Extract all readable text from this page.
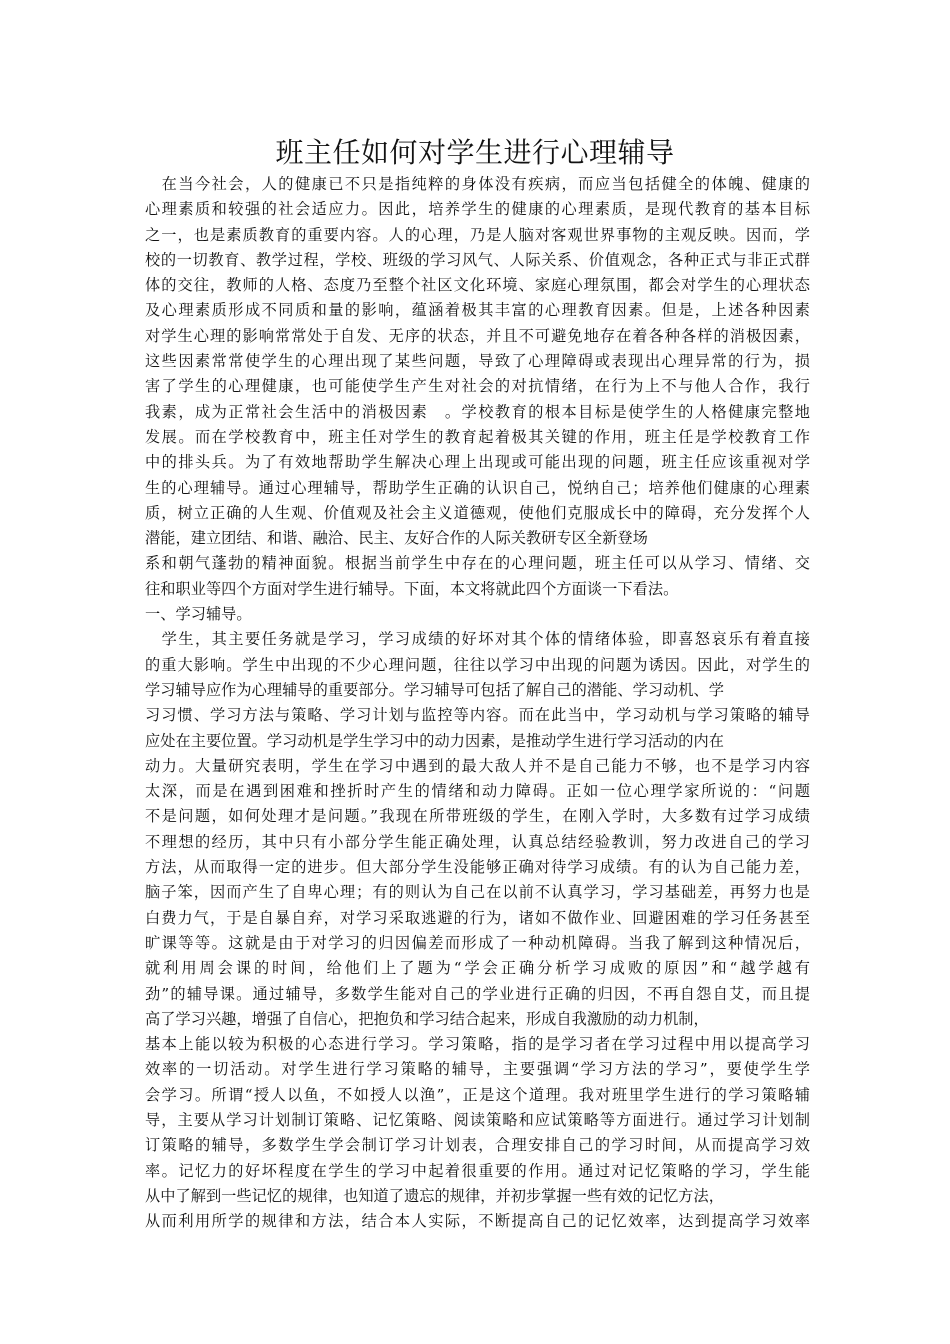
班主任如何对学生进行心理辅导
　在当今社会，人的健康已不只是指纯粹的身体没有疾病，而应当包括健全的体魄、健康的
心理素质和较强的社会适应力。因此，培养学生的健康的心理素质，是现代教育的基本目标
之一，也是素质教育的重要内容。人的心理，乃是人脑对客观世界事物的主观反映。因而，学
校的一切教育、教学过程，学校、班级的学习风气、人际关系、价值观念，各种正式与非正式群
体的交往，教师的人格、态度乃至整个社区文化环境、家庭心理氛围，都会对学生的心理状态
及心理素质形成不同质和量的影响，蕴涵着极其丰富的心理教育因素。但是，上述各种因素
对学生心理的影响常常处于自发、无序的状态，并且不可避免地存在着各种各样的消极因素，
这些因素常常使学生的心理出现了某些问题，导致了心理障碍或表现出心理异常的行为，损
害了学生的心理健康，也可能使学生产生对社会的对抗情绪，在行为上不与他人合作，我行
我素，成为正常社会生活中的消极因素　。学校教育的根本目标是使学生的人格健康完整地
发展。而在学校教育中，班主任对学生的教育起着极其关键的作用，班主任是学校教育工作
中的排头兵。为了有效地帮助学生解决心理上出现或可能出现的问题，班主任应该重视对学
生的心理辅导。通过心理辅导，帮助学生正确的认识自己，悦纳自己；培养他们健康的心理素
质，树立正确的人生观、价值观及社会主义道德观，使他们克服成长中的障碍，充分发挥个人
潜能，建立团结、和谐、融洽、民主、友好合作的人际关教研专区全新登场
系和朝气蓬勃的精神面貌。根据当前学生中存在的心理问题，班主任可以从学习、情绪、交
往和职业等四个方面对学生进行辅导。下面，本文将就此四个方面谈一下看法。
一、学习辅导。
　学生，其主要任务就是学习，学习成绩的好坏对其个体的情绪体验，即喜怒哀乐有着直接
的重大影响。学生中出现的不少心理问题，往往以学习中出现的问题为诱因。因此，对学生的
学习辅导应作为心理辅导的重要部分。学习辅导可包括了解自己的潜能、学习动机、学
习习惯、学习方法与策略、学习计划与监控等内容。而在此当中，学习动机与学习策略的辅导
应处在主要位置。学习动机是学生学习中的动力因素，是推动学生进行学习活动的内在
动力。大量研究表明，学生在学习中遇到的最大敌人并不是自己能力不够，也不是学习内容
太深，而是在遇到困难和挫折时产生的情绪和动力障碍。正如一位心理学家所说的：“问题
不是问题，如何处理才是问题。”我现在所带班级的学生，在刚入学时，大多数有过学习成绩
不理想的经历，其中只有小部分学生能正确处理，认真总结经验教训，努力改进自己的学习
方法，从而取得一定的进步。但大部分学生没能够正确对待学习成绩。有的认为自己能力差，
脑子笨，因而产生了自卑心理；有的则认为自己在以前不认真学习，学习基础差，再努力也是
白费力气，于是自暴自弃，对学习采取逃避的行为，诸如不做作业、回避困难的学习任务甚至
旷课等等。这就是由于对学习的归因偏差而形成了一种动机障碍。当我了解到这种情况后，
就利用周会课的时间，给他们上了题为“学会正确分析学习成败的原因”和“越学越有
劲”的辅导课。通过辅导，多数学生能对自己的学业进行正确的归因，不再自怨自艾，而且提
高了学习兴趣，增强了自信心，把抱负和学习结合起来，形成自我激励的动力机制，
基本上能以较为积极的心态进行学习。学习策略，指的是学习者在学习过程中用以提高学习
效率的一切活动。对学生进行学习策略的辅导，主要强调“学习方法的学习”，要使学生学
会学习。所谓“授人以鱼，不如授人以渔”，正是这个道理。我对班里学生进行的学习策略辅
导，主要从学习计划制订策略、记忆策略、阅读策略和应试策略等方面进行。通过学习计划制
订策略的辅导，多数学生学会制订学习计划表，合理安排自己的学习时间，从而提高学习效
率。记忆力的好坏程度在学生的学习中起着很重要的作用。通过对记忆策略的学习，学生能
从中了解到一些记忆的规律，也知道了遗忘的规律，并初步掌握一些有效的记忆方法，
从而利用所学的规律和方法，结合本人实际，不断提高自己的记忆效率，达到提高学习效率
